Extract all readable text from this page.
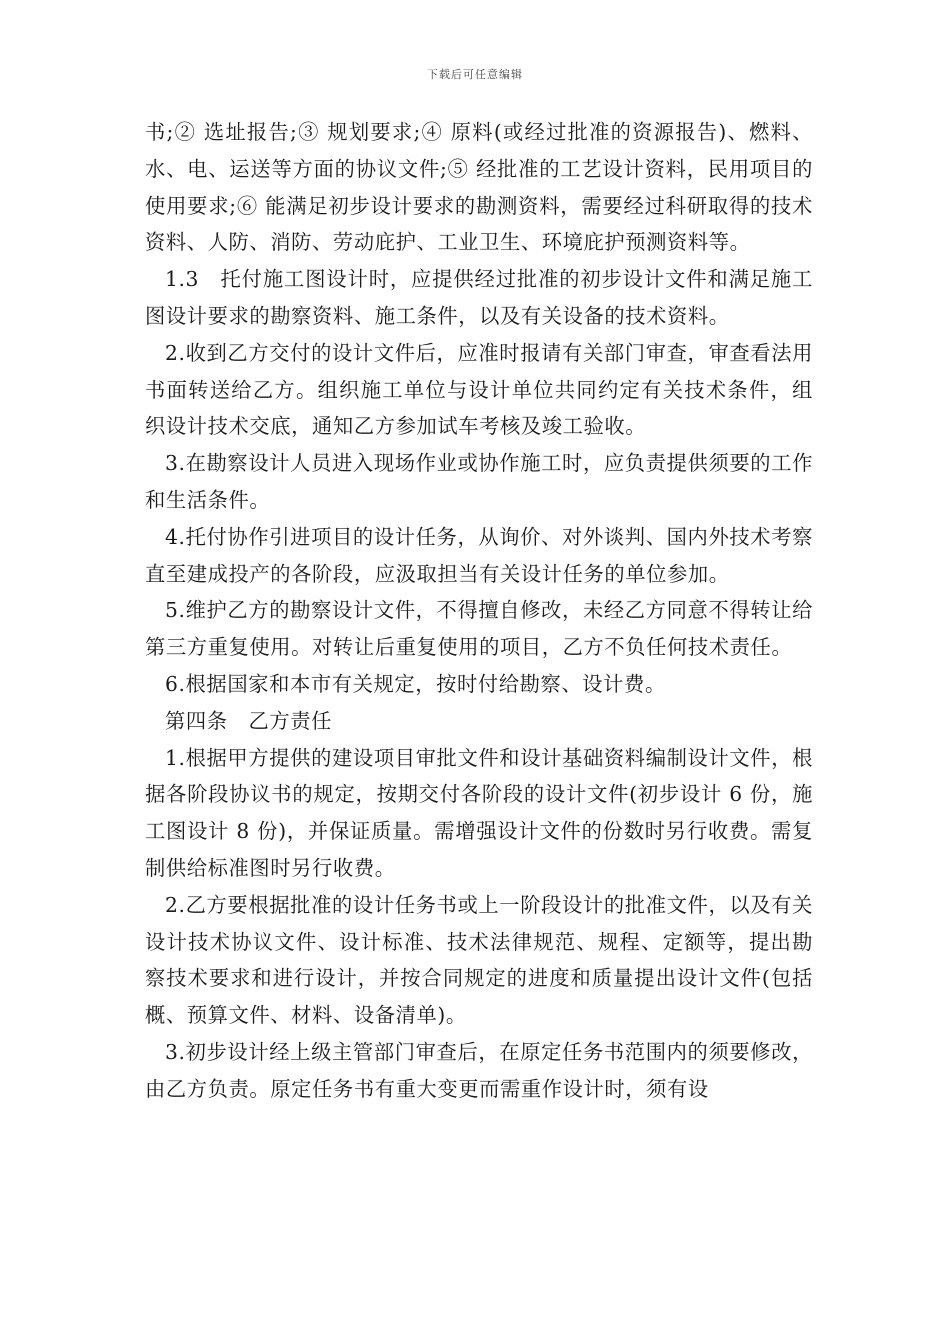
下载后可任意编辑

书;② 选址报告;③ 规划要求;④ 原料(或经过批准的资源报告)、燃料、水、电、运送等方面的协议文件;⑤ 经批准的工艺设计资料，民用项目的使用要求;⑥ 能满足初步设计要求的勘测资料，需要经过科研取得的技术资料、人防、消防、劳动庇护、工业卫生、环境庇护预测资料等。

1.3　托付施工图设计时，应提供经过批准的初步设计文件和满足施工图设计要求的勘察资料、施工条件，以及有关设备的技术资料。

2.收到乙方交付的设计文件后，应准时报请有关部门审查，审查看法用书面转送给乙方。组织施工单位与设计单位共同约定有关技术条件，组织设计技术交底，通知乙方参加试车考核及竣工验收。

3.在勘察设计人员进入现场作业或协作施工时，应负责提供须要的工作和生活条件。

4.托付协作引进项目的设计任务，从询价、对外谈判、国内外技术考察直至建成投产的各阶段，应汲取担当有关设计任务的单位参加。

5.维护乙方的勘察设计文件，不得擅自修改，未经乙方同意不得转让给第三方重复使用。对转让后重复使用的项目，乙方不负任何技术责任。

6.根据国家和本市有关规定，按时付给勘察、设计费。

第四条　乙方责任

1.根据甲方提供的建设项目审批文件和设计基础资料编制设计文件，根据各阶段协议书的规定，按期交付各阶段的设计文件(初步设计 6 份，施工图设计 8 份)，并保证质量。需增强设计文件的份数时另行收费。需复制供给标准图时另行收费。

2.乙方要根据批准的设计任务书或上一阶段设计的批准文件，以及有关设计技术协议文件、设计标准、技术法律规范、规程、定额等，提出勘察技术要求和进行设计，并按合同规定的进度和质量提出设计文件(包括概、预算文件、材料、设备清单)。

3.初步设计经上级主管部门审查后，在原定任务书范围内的须要修改，由乙方负责。原定任务书有重大变更而需重作设计时，须有设
